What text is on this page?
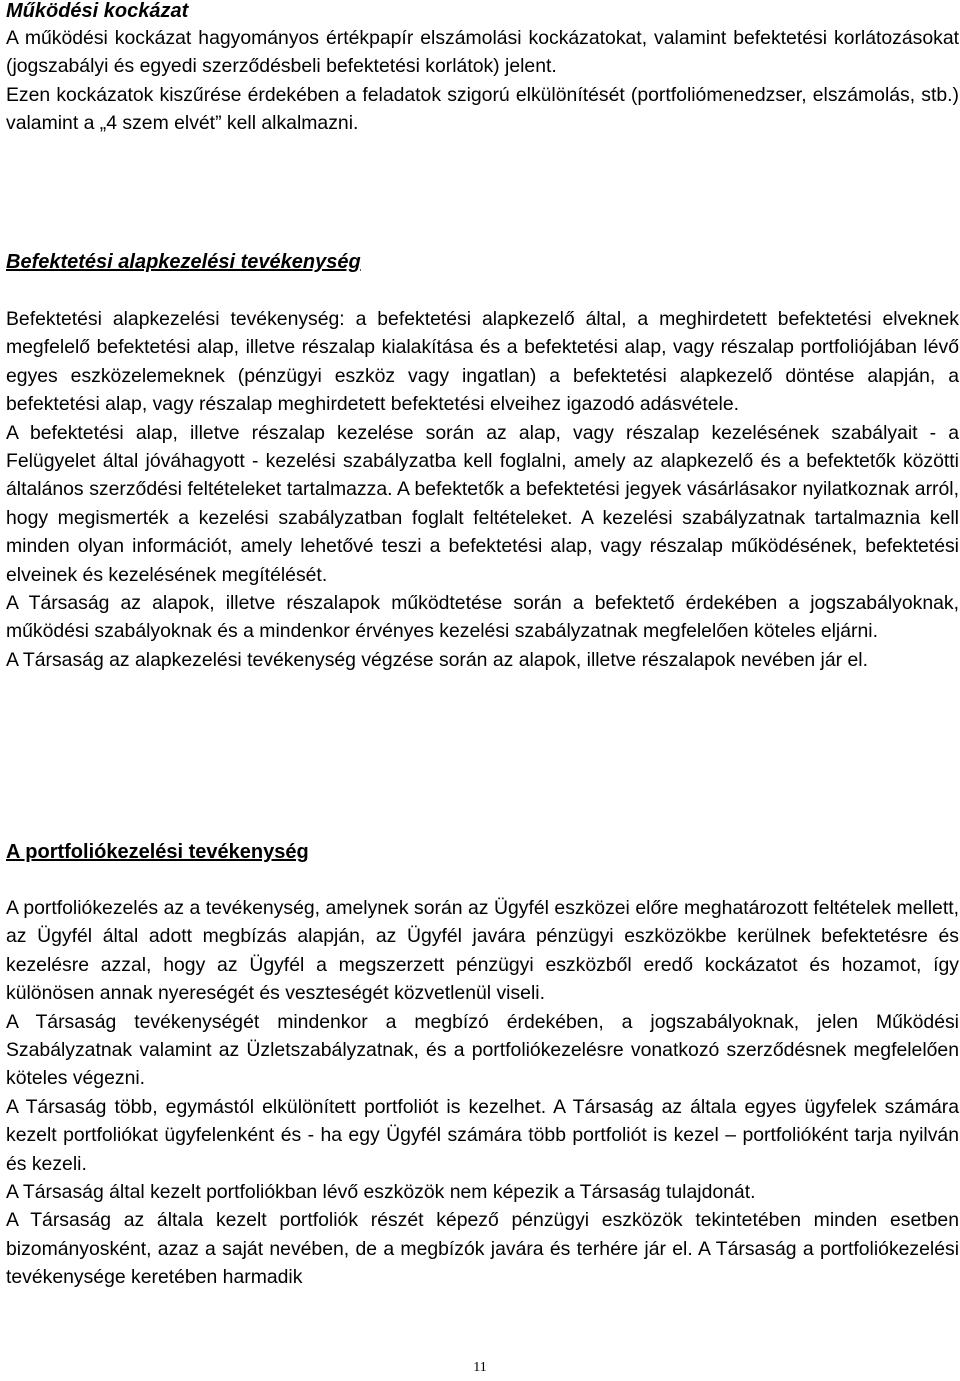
Működési kockázat

A működési kockázat hagyományos értékpapír elszámolási kockázatokat, valamint befektetési korlátozásokat (jogszabályi és egyedi szerződésbeli befektetési korlátok) jelent.

Ezen kockázatok kiszűrése érdekében a feladatok szigorú elkülönítését (portfoliómenedzser, elszámolás, stb.) valamint a „4 szem elvét” kell alkalmazni.

Befektetési alapkezelési tevékenység

Befektetési alapkezelési tevékenység: a befektetési alapkezelő által, a meghirdetett befektetési elveknek megfelelő befektetési alap, illetve részalap kialakítása és a befektetési alap, vagy részalap portfoliójában lévő egyes eszközelemeknek (pénzügyi eszköz vagy ingatlan) a befektetési alapkezelő döntése alapján, a befektetési alap, vagy részalap meghirdetett befektetési elveihez igazodó adásvétele.

A befektetési alap, illetve részalap kezelése során az alap, vagy részalap kezelésének szabályait - a Felügyelet által jóváhagyott - kezelési szabályzatba kell foglalni, amely az alapkezelő és a befektetők közötti általános szerződési feltételeket tartalmazza. A befektetők a befektetési jegyek vásárlásakor nyilatkoznak arról, hogy megismerték a kezelési szabályzatban foglalt feltételeket. A kezelési szabályzatnak tartalmaznia kell minden olyan információt, amely lehetővé teszi a befektetési alap, vagy részalap működésének, befektetési elveinek és kezelésének megítélését.

A Társaság az alapok, illetve részalapok működtetése során a befektető érdekében a jogszabályoknak, működési szabályoknak és a mindenkor érvényes kezelési szabályzatnak megfelelően köteles eljárni.

A Társaság az alapkezelési tevékenység végzése során az alapok, illetve részalapok nevében jár el.

A portfoliókezelési tevékenység

A portfoliókezelés az a tevékenység, amelynek során az Ügyfél eszközei előre meghatározott feltételek mellett, az Ügyfél által adott megbízás alapján, az Ügyfél javára pénzügyi eszközökbe kerülnek befektetésre és kezelésre azzal, hogy az Ügyfél a megszerzett pénzügyi eszközből eredő kockázatot és hozamot, így különösen annak nyereségét és veszteségét közvetlenül viseli.

A Társaság tevékenységét mindenkor a megbízó érdekében, a jogszabályoknak, jelen Működési Szabályzatnak valamint az Üzletszabályzatnak, és a portfoliókezelésre vonatkozó szerződésnek megfelelően köteles végezni.

A Társaság több, egymástól elkülönített portfoliót is kezelhet. A Társaság az általa egyes ügyfelek számára kezelt portfoliókat ügyfelenként és - ha egy Ügyfél számára több portfoliót is kezel – portfolióként tarja nyilván és kezeli.

A Társaság által kezelt portfoliókban lévő eszközök nem képezik a Társaság tulajdonát.

A Társaság az általa kezelt portfoliók részét képező pénzügyi eszközök tekintetében minden esetben bizományosként, azaz a saját nevében, de a megbízók javára és terhére jár el. A Társaság a portfoliókezelési tevékenysége keretében harmadik

11
